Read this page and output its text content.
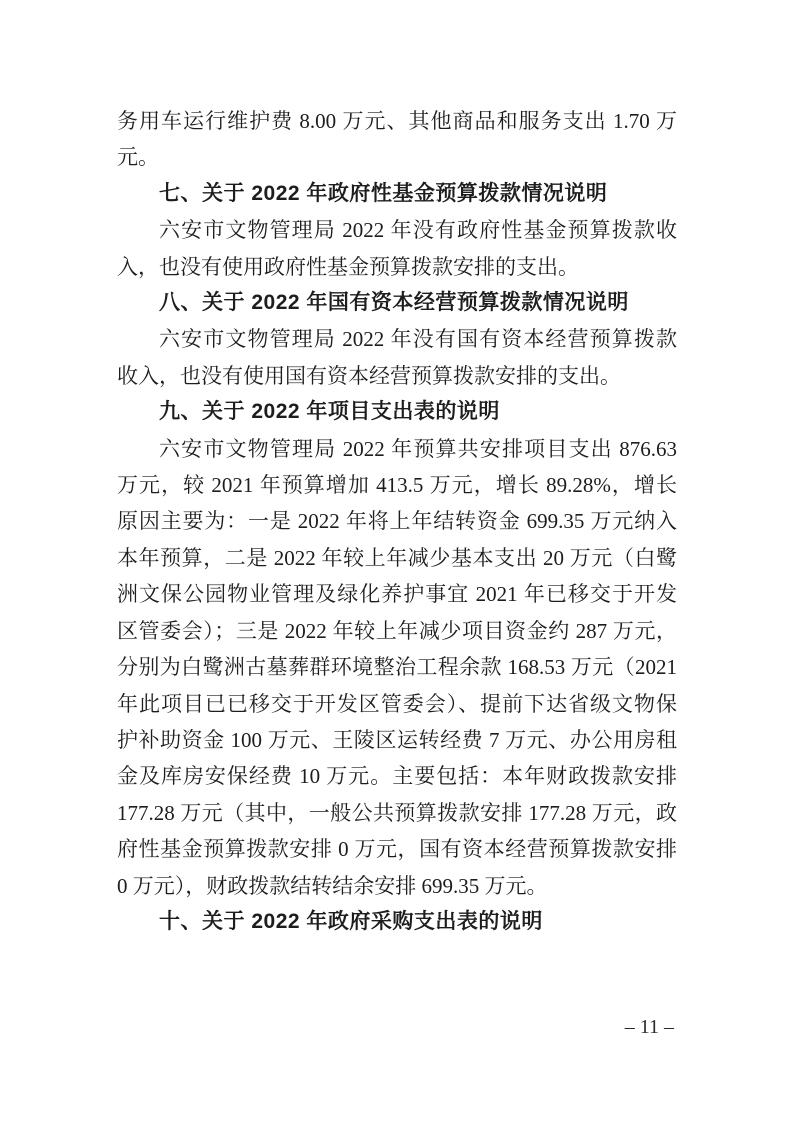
务用车运行维护费 8.00 万元、其他商品和服务支出 1.70 万
元。
七、关于 2022 年政府性基金预算拨款情况说明
六安市文物管理局 2022 年没有政府性基金预算拨款收
入，也没有使用政府性基金预算拨款安排的支出。
八、关于 2022 年国有资本经营预算拨款情况说明
六安市文物管理局 2022 年没有国有资本经营预算拨款
收入，也没有使用国有资本经营预算拨款安排的支出。
九、关于 2022 年项目支出表的说明
六安市文物管理局 2022 年预算共安排项目支出 876.63
万元，较 2021 年预算增加 413.5 万元，增长 89.28%，增长
原因主要为：一是 2022 年将上年结转资金 699.35 万元纳入
本年预算，二是 2022 年较上年减少基本支出 20 万元（白鹭
洲文保公园物业管理及绿化养护事宜 2021 年已移交于开发
区管委会）；三是 2022 年较上年减少项目资金约 287 万元，
分别为白鹭洲古墓葬群环境整治工程余款 168.53 万元（2021
年此项目已已移交于开发区管委会）、提前下达省级文物保
护补助资金 100 万元、王陵区运转经费 7 万元、办公用房租
金及库房安保经费 10 万元。主要包括：本年财政拨款安排
177.28 万元（其中，一般公共预算拨款安排 177.28 万元，政
府性基金预算拨款安排 0 万元，国有资本经营预算拨款安排
0 万元），财政拨款结转结余安排 699.35 万元。
十、关于 2022 年政府采购支出表的说明
– 11 –
